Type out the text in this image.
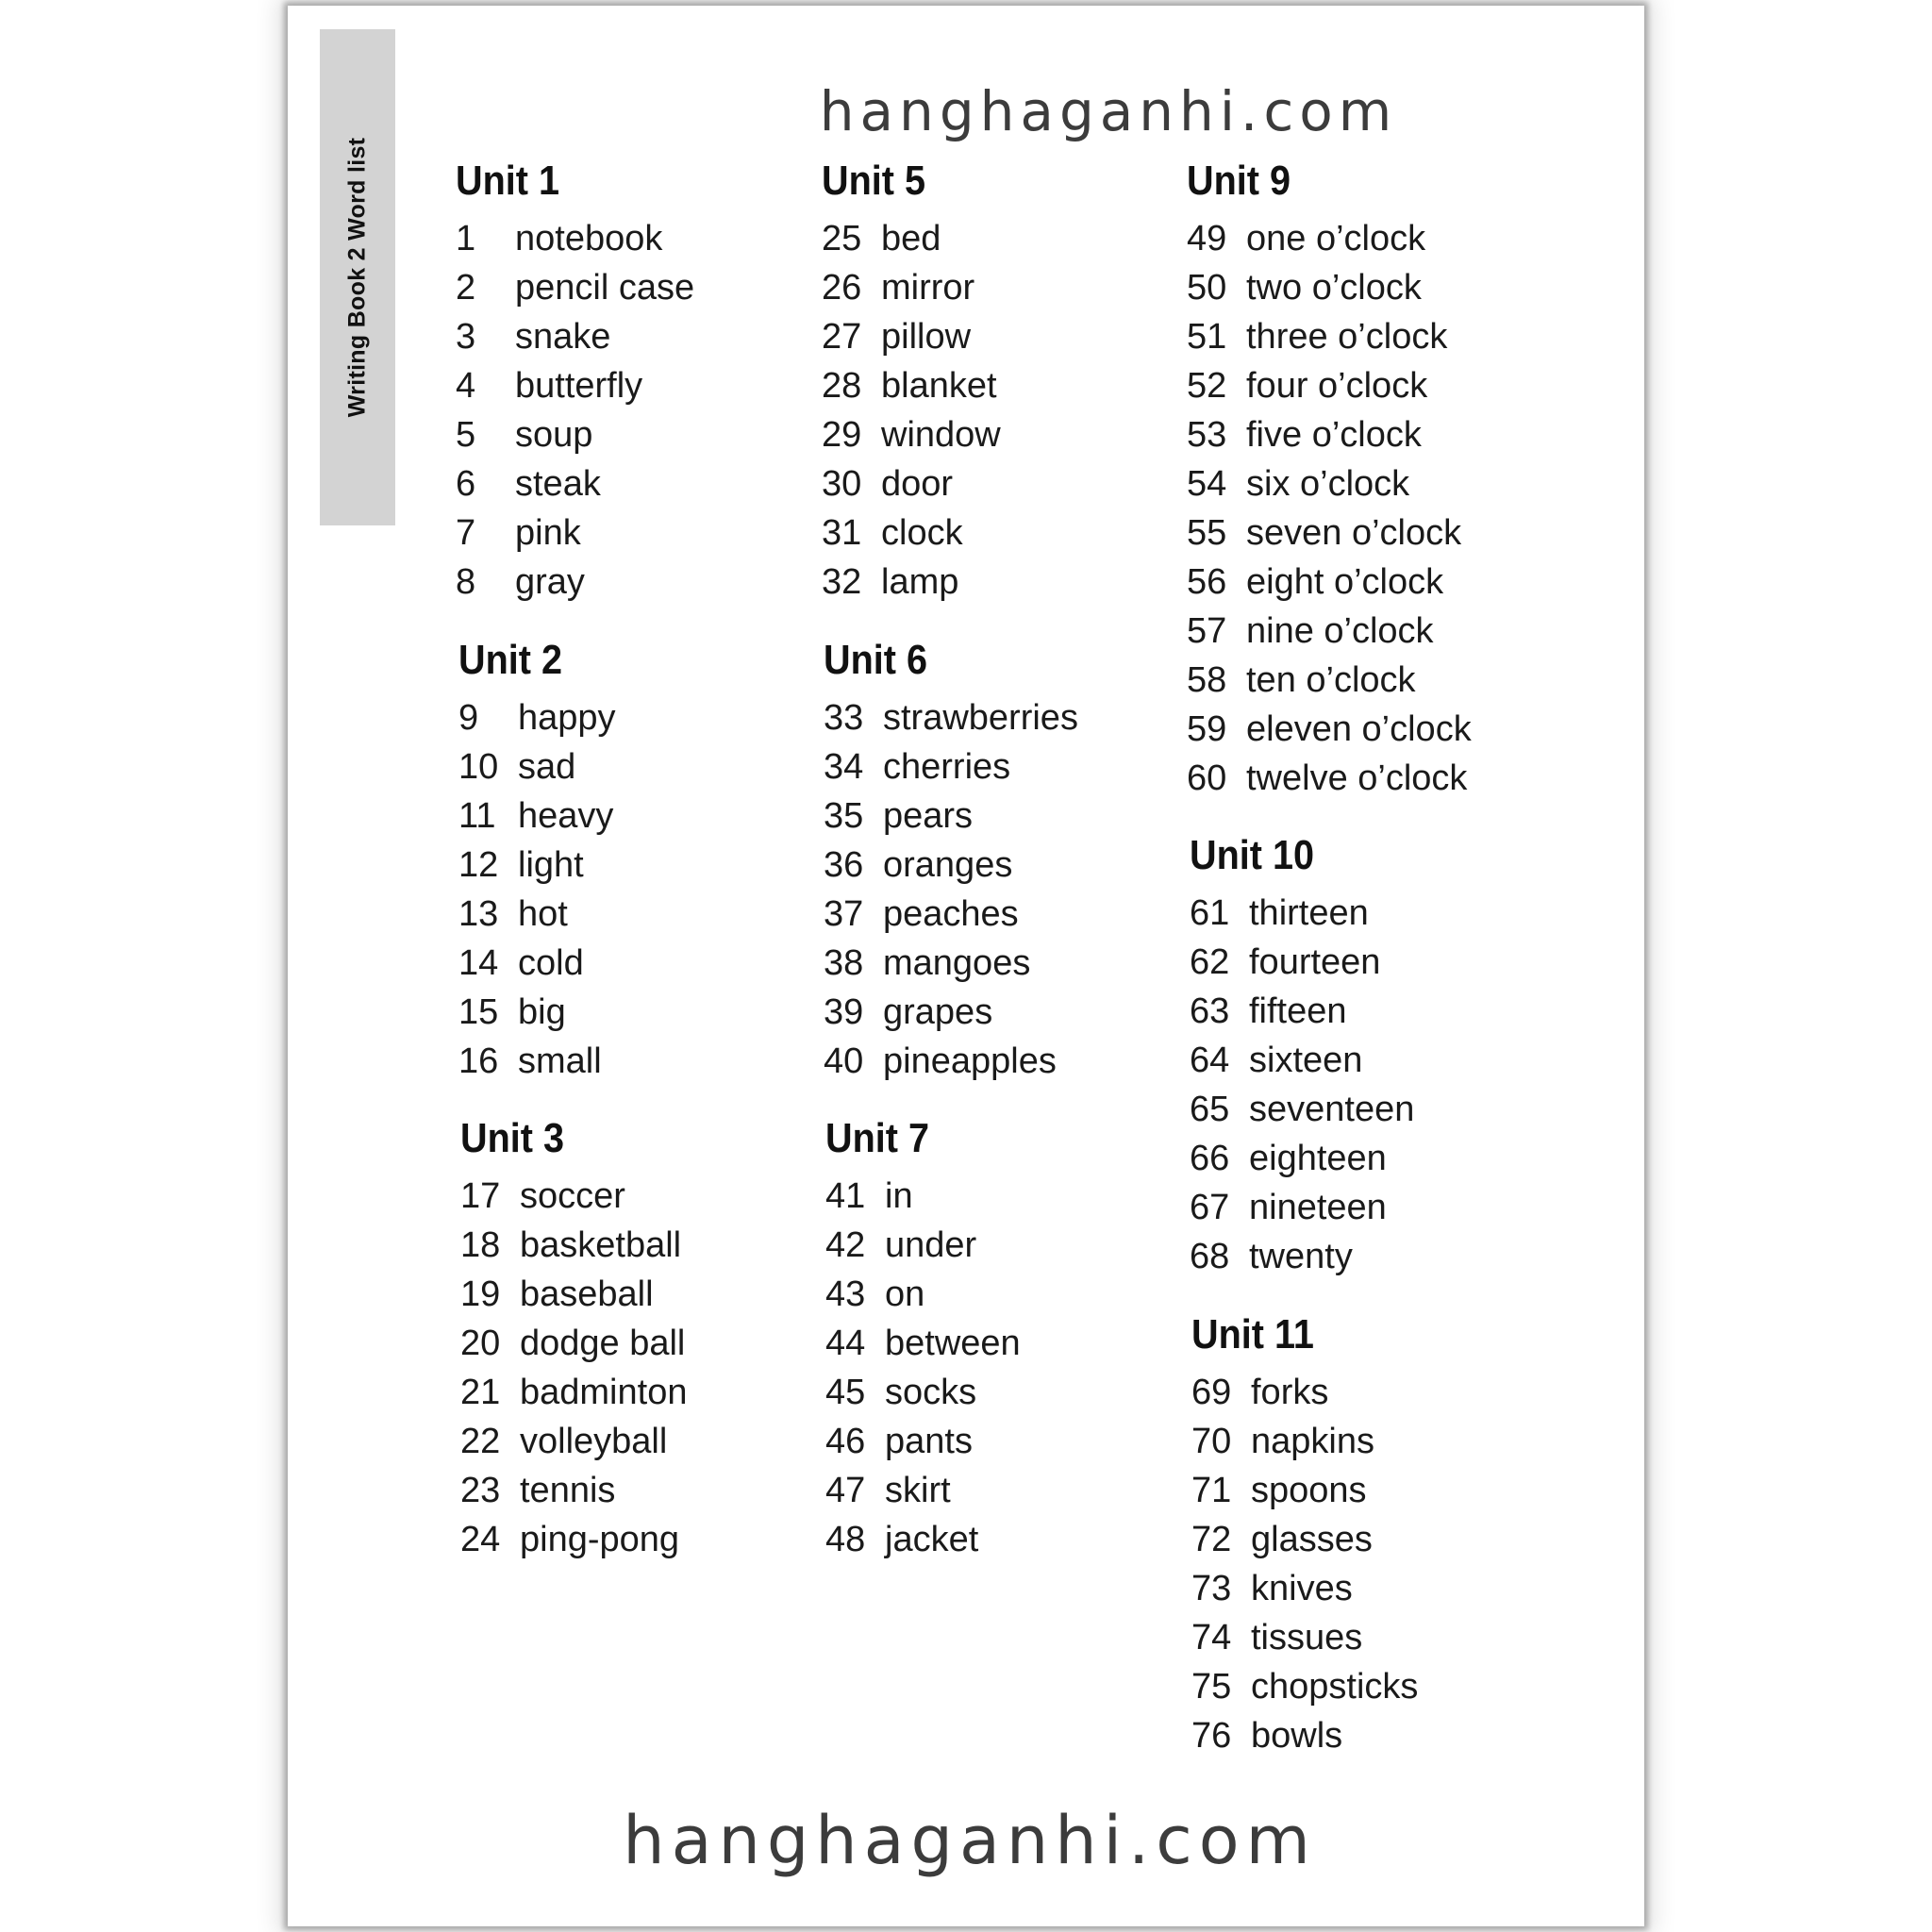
Writing Book 2 Word list
hanghaganhi.com
Unit 1
1	notebook
2	pencil case
3	snake
4	butterfly
5	soup
6	steak
7	pink
8	gray
Unit 2
9	happy
10 sad
11 heavy
12 light
13 hot
14 cold
15 big
16 small
Unit 3
17 soccer
18 basketball
19 baseball
20 dodge ball
21 badminton
22 volleyball
23 tennis
24 ping-pong
Unit 5
25 bed
26 mirror
27 pillow
28 blanket
29 window
30 door
31 clock
32 lamp
Unit 6
33 strawberries
34 cherries
35 pears
36 oranges
37 peaches
38 mangoes
39 grapes
40 pineapples
Unit 7
41 in
42 under
43 on
44 between
45 socks
46 pants
47 skirt
48 jacket
Unit 9
49 one o’clock
50 two o’clock
51 three o’clock
52 four o’clock
53 five o’clock
54 six o’clock
55 seven o’clock
56 eight o’clock
57 nine o’clock
58 ten o’clock
59 eleven o’clock
60 twelve o’clock
Unit 10
61 thirteen
62 fourteen
63 fifteen
64 sixteen
65 seventeen
66 eighteen
67 nineteen
68 twenty
Unit 11
69 forks
70 napkins
71 spoons
72 glasses
73 knives
74 tissues
75 chopsticks
76 bowls
hanghaganhi.com
